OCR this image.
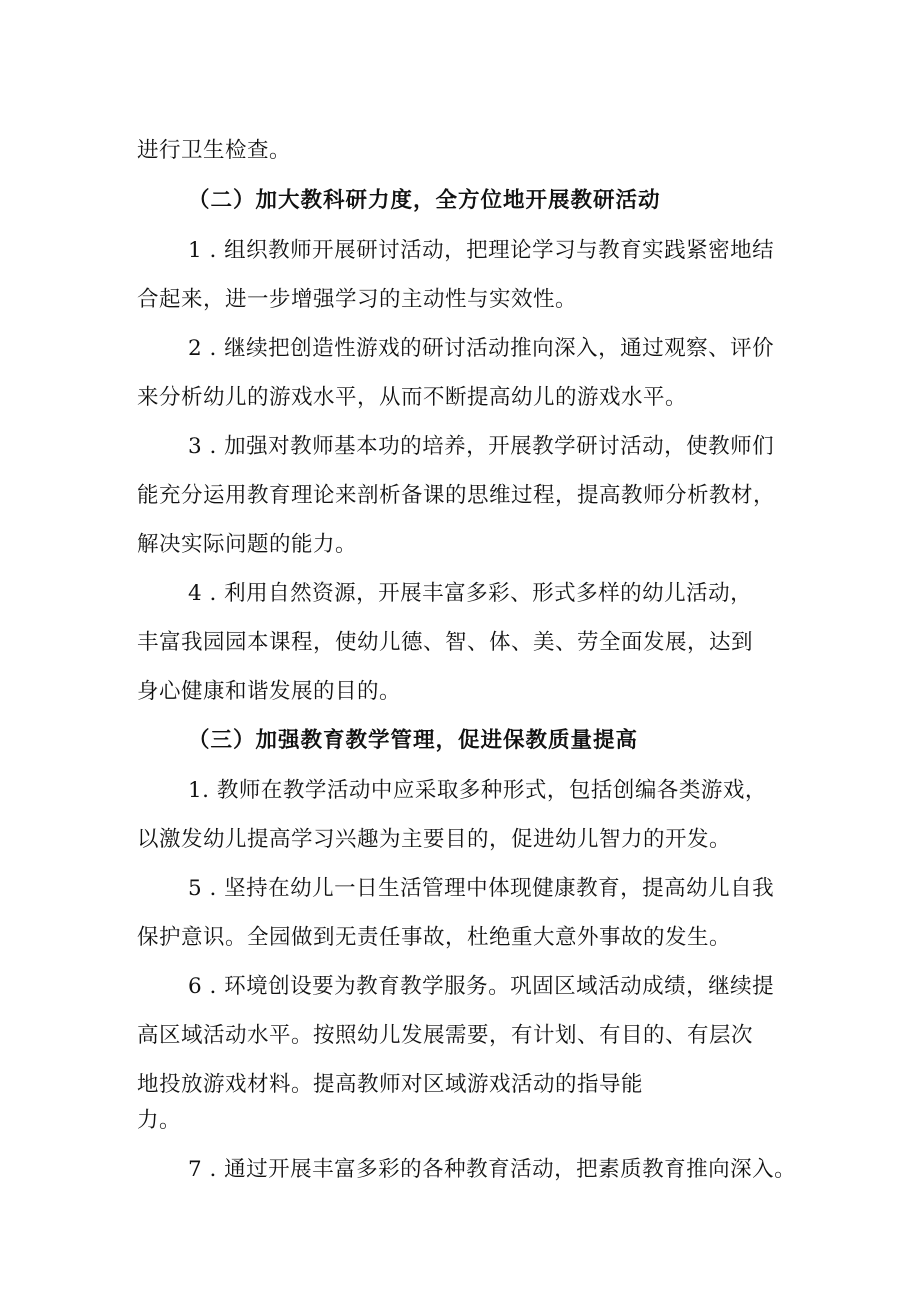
进行卫生检查。
（二）加大教科研力度，全方位地开展教研活动
1 . 组织教师开展研讨活动，把理论学习与教育实践紧密地结
合起来，进一步增强学习的主动性与实效性。
2 . 继续把创造性游戏的研讨活动推向深入，通过观察、评价
来分析幼儿的游戏水平，从而不断提高幼儿的游戏水平。
3 . 加强对教师基本功的培养，开展教学研讨活动，使教师们
能充分运用教育理论来剖析备课的思维过程，提高教师分析教材，
解决实际问题的能力。
4 . 利用自然资源，开展丰富多彩、形式多样的幼儿活动，
丰富我园园本课程，使幼儿德、智、体、美、劳全面发展，达到
身心健康和谐发展的目的。
（三）加强教育教学管理，促进保教质量提高
1. 教师在教学活动中应采取多种形式，包括创编各类游戏，
以激发幼儿提高学习兴趣为主要目的，促进幼儿智力的开发。
5 . 坚持在幼儿一日生活管理中体现健康教育，提高幼儿自我
保护意识。全园做到无责任事故，杜绝重大意外事故的发生。
6 . 环境创设要为教育教学服务。巩固区域活动成绩，继续提
高区域活动水平。按照幼儿发展需要，有计划、有目的、有层次
地投放游戏材料。提高教师对区域游戏活动的指导能
力。
7 . 通过开展丰富多彩的各种教育活动，把素质教育推向深入。
